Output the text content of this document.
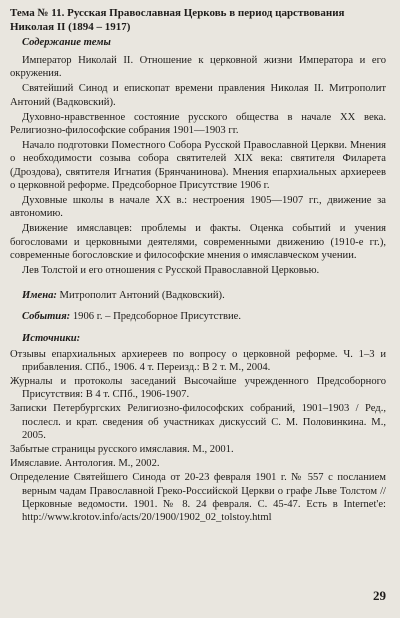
Тема № 11. Русская Православная Церковь в период царствования Николая II (1894 – 1917)
Содержание темы

Император Николай II. Отношение к церковной жизни Императора и его окружения.

Святейший Синод и епископат времени правления Николая II. Митрополит Антоний (Вадковский).

Духовно-нравственное состояние русского общества в начале XX века. Религиозно-философские собрания 1901—1903 гг.

Начало подготовки Поместного Собора Русской Православной Церкви. Мнения о необходимости созыва собора святителей XIX века: святителя Филарета (Дроздова), святителя Игнатия (Брянчанинова). Мнения епархиальных архиереев о церковной реформе. Предсоборное Присутствие 1906 г.

Духовные школы в начале XX в.: нестроения 1905—1907 гг., движение за автономию.

Движение имяславцев: проблемы и факты. Оценка событий и учения богословами и церковными деятелями, современными движению (1910-е гг.), современные богословские и философские мнения о имяславческом учении.

Лев Толстой и его отношения с Русской Православной Церковью.

Имена: Митрополит Антоний (Вадковский).

События: 1906 г. – Предсоборное Присутствие.

Источники:

Отзывы епархиальных архиереев по вопросу о церковной реформе. Ч. 1–3 и прибавления. СПб., 1906. 4 т. Переизд.: В 2 т. М., 2004.

Журналы и протоколы заседаний Высочайше учрежденного Предсоборного Присутствия: В 4 т. СПб., 1906-1907.

Записки Петербургских Религиозно-философских собраний, 1901–1903 / Ред., послесл. и крат. сведения об участниках дискуссий С. М. Половинкина. М., 2005.

Забытые страницы русского имяславия. М., 2001.

Имяславие. Антология. М., 2002.

Определение Святейшего Синода от 20-23 февраля 1901 г. № 557 с посланием верным чадам Православной Греко-Российской Церкви о графе Льве Толстом // Церковные ведомости. 1901. № 8. 24 февраля. С. 45-47. Есть в Internet'е: http://www.krotov.info/acts/20/1900/1902_02_tolstoy.html

29
